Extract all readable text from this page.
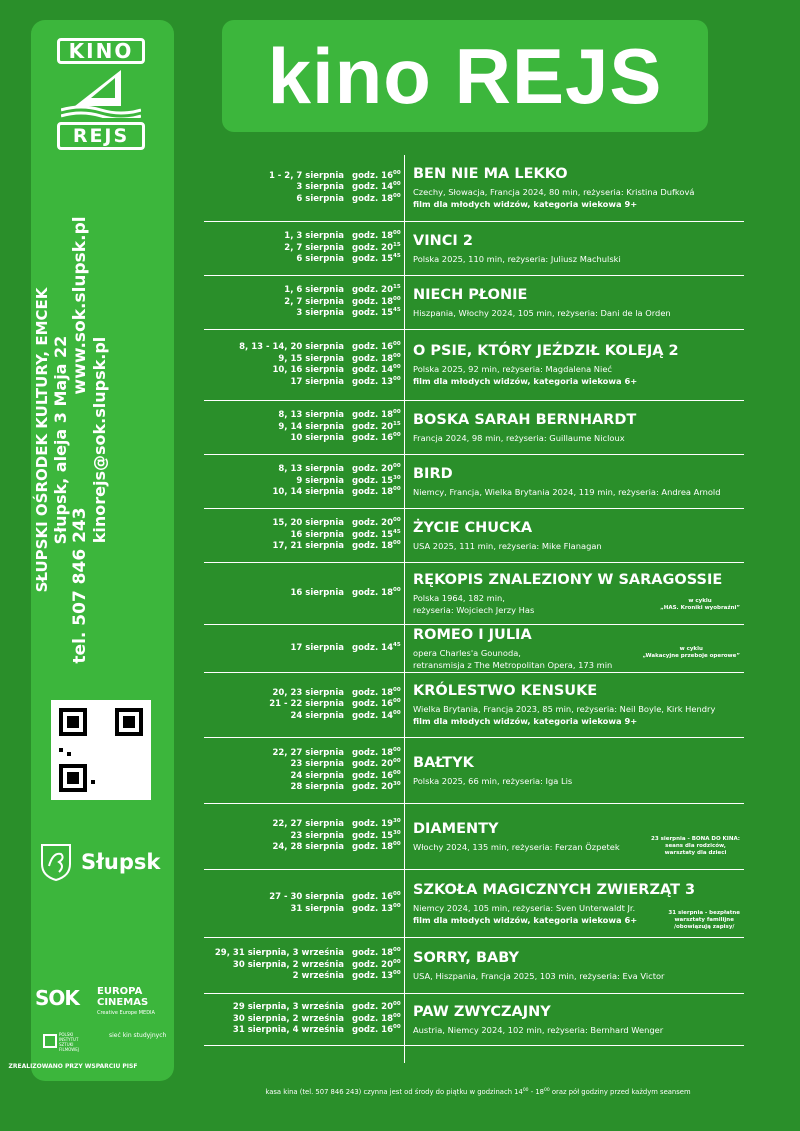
KINO
REJS
SŁUPSKI OŚRODEK KULTURY, EMCEK Słupsk, aleja 3 Maja 22
tel. 507 846 243
www.sok.slupsk.pl
kinorejs@sok.slupsk.pl
Słupsk
SOK EUROPA CINEMAS
Creative Europe MEDIA
POLSKI INSTYTUT SZTUKI FILMOWEJ
sieć kin studyjnych
ZREALIZOWANO PRZY WSPARCIU PISF
kino REJS
1 - 2, 7 sierpnia godz. $16^{00}$
3 sierpnia godz. $14^{00}$
6 sierpnia godz. $18^{00}$
BEN NIE MA LEKKO
Czechy, Słowacja, Francja 2024, 80 min, reżyseria: Kristina Dufková
film dla młodych widzów, kategoria wiekowa 9+
1, 3 sierpnia godz. $18^{00}$
2, 7 sierpnia godz. $20^{15}$
6 sierpnia godz. $15^{45}$
VINCI 2
Polska 2025, 110 min, reżyseria: Juliusz Machulski
1, 6 sierpnia godz. $20^{15}$
2, 7 sierpnia godz. $18^{00}$
3 sierpnia godz. $15^{45}$
NIECH PŁONIE
Hiszpania, Włochy 2024, 105 min, reżyseria: Dani de la Orden
8, 13 - 14, 20 sierpnia godz. $16^{00}$
9, 15 sierpnia godz. $18^{00}$
10, 16 sierpnia godz. $14^{00}$
17 sierpnia godz. $13^{00}$
O PSIE, KTÓRY JEŹDZIŁ KOLEJĄ 2
Polska 2025, 92 min, reżyseria: Magdalena Nieć
film dla młodych widzów, kategoria wiekowa 6+
8, 13 sierpnia godz. $18^{00}$
9, 14 sierpnia godz. $20^{15}$
10 sierpnia godz. $16^{00}$
BOSKA SARAH BERNHARDT
Francja 2024, 98 min, reżyseria: Guillaume Nicloux
8, 13 sierpnia godz. $20^{00}$
9 sierpnia godz. $15^{30}$
10, 14 sierpnia godz. $18^{00}$
BIRD
Niemcy, Francja, Wielka Brytania 2024, 119 min, reżyseria: Andrea Arnold
15, 20 sierpnia godz. $20^{00}$
16 sierpnia godz. $15^{45}$
17, 21 sierpnia godz. $18^{00}$
ŻYCIE CHUCKA
USA 2025, 111 min, reżyseria: Mike Flanagan
16 sierpnia godz. $18^{00}$
RĘKOPIS ZNALEZIONY W SARAGOSSIE
Polska 1964, 182 min,
reżyseria: Wojciech Jerzy Has
w cyklu
„HAS. Kroniki wyobraźni”
17 sierpnia godz. $14^{45}$
ROMEO I JULIA
opera Charles'a Gounoda,
retransmisja z The Metropolitan Opera, 173 min
w cyklu
„Wakacyjne przeboje operowe”
20, 23 sierpnia godz. $18^{00}$
21 - 22 sierpnia godz. $16^{00}$
24 sierpnia godz. $14^{00}$
KRÓLESTWO KENSUKE
Wielka Brytania, Francja 2023, 85 min, reżyseria: Neil Boyle, Kirk Hendry
film dla młodych widzów, kategoria wiekowa 9+
22, 27 sierpnia godz. $18^{00}$
23 sierpnia godz. $20^{00}$
24 sierpnia godz. $16^{00}$
28 sierpnia godz. $20^{30}$
BAŁTYK
Polska 2025, 66 min, reżyseria: Iga Lis
22, 27 sierpnia godz. $19^{30}$
23 sierpnia godz. $15^{30}$
24, 28 sierpnia godz. $18^{00}$
DIAMENTY
Włochy 2024, 135 min, reżyseria: Ferzan Özpetek
23 sierpnia - BONA DO KINA:
seans dla rodziców,
warsztaty dla dzieci
27 - 30 sierpnia godz. $16^{00}$
31 sierpnia godz. $13^{00}$
SZKOŁA MAGICZNYCH ZWIERZĄT 3
Niemcy 2024, 105 min, reżyseria: Sven Unterwaldt Jr.
film dla młodych widzów, kategoria wiekowa 6+
31 sierpnia - bezpłatne
warsztaty familijne
/obowiązują zapisy/
29, 31 sierpnia, 3 września godz. $18^{00}$
30 sierpnia, 2 września godz. $20^{00}$
2 września godz. $13^{00}$
SORRY, BABY
USA, Hiszpania, Francja 2025, 103 min, reżyseria: Eva Victor
29 sierpnia, 3 września godz. $20^{00}$
30 sierpnia, 2 września godz. $18^{00}$
31 sierpnia, 4 września godz. $16^{00}$
PAW ZWYCZAJNY
Austria, Niemcy 2024, 102 min, reżyseria: Bernhard Wenger
kasa kina (tel. 507 846 243) czynna jest od środy do piątku w godzinach $14^{00} - 18^{00}$ oraz pół godziny przed każdym seansem
